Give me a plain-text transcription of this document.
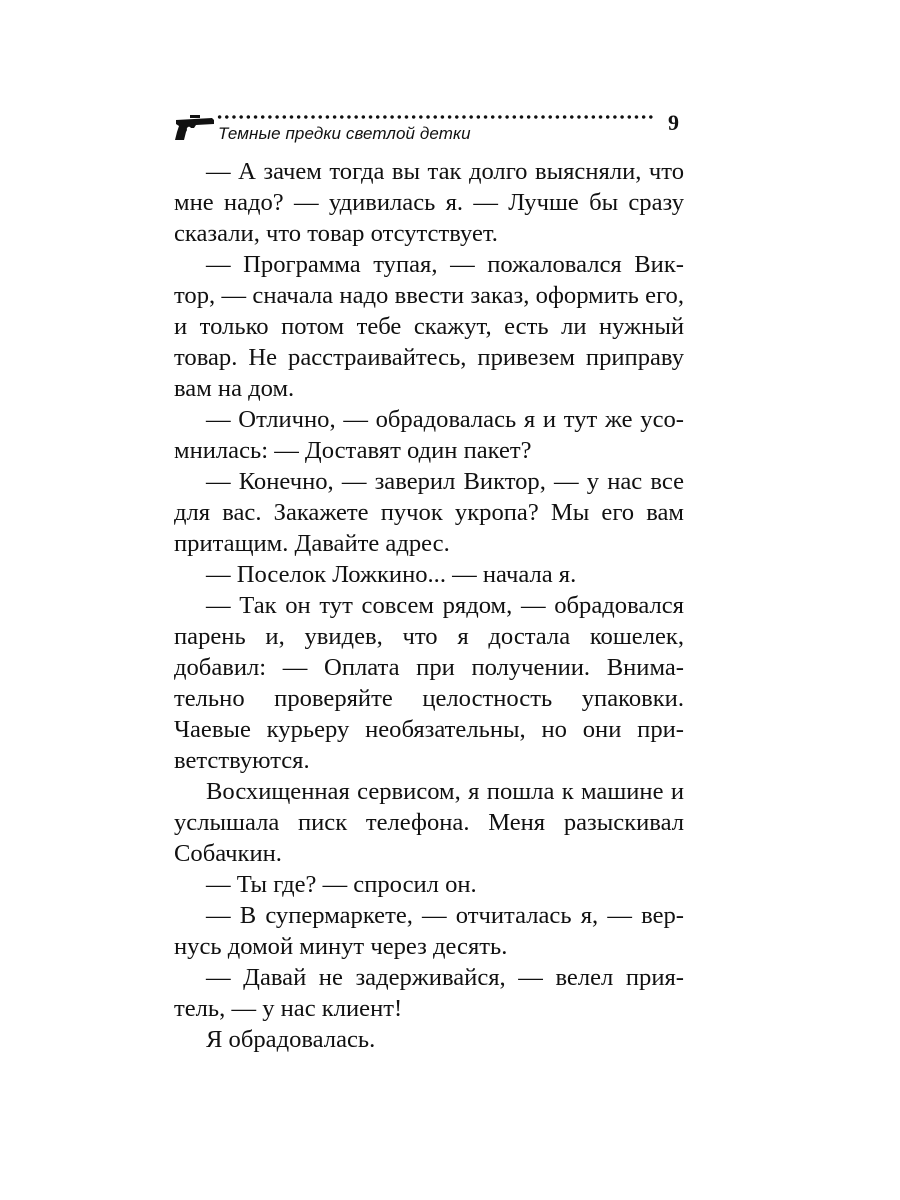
Темные предки светлой детки	9

— А зачем тогда вы так долго выясняли, что мне надо? — удивилась я. — Лучше бы сразу сказали, что товар отсутствует.

— Программа тупая, — пожаловался Виктор, — сначала надо ввести заказ, оформить его, и только потом тебе скажут, есть ли нужный товар. Не расстраивайтесь, привезем приправу вам на дом.

— Отлично, — обрадовалась я и тут же усомнилась: — Доставят один пакет?

— Конечно, — заверил Виктор, — у нас все для вас. Закажете пучок укропа? Мы его вам притащим. Давайте адрес.

— Поселок Ложкино... — начала я.

— Так он тут совсем рядом, — обрадовался парень и, увидев, что я достала кошелек, добавил: — Оплата при получении. Внимательно проверяйте целостность упаковки. Чаевые курьеру необязательны, но они приветствуются.

Восхищенная сервисом, я пошла к машине и услышала писк телефона. Меня разыскивал Собачкин.

— Ты где? — спросил он.

— В супермаркете, — отчиталась я, — вернусь домой минут через десять.

— Давай не задерживайся, — велел приятель, — у нас клиент!

Я обрадовалась.
